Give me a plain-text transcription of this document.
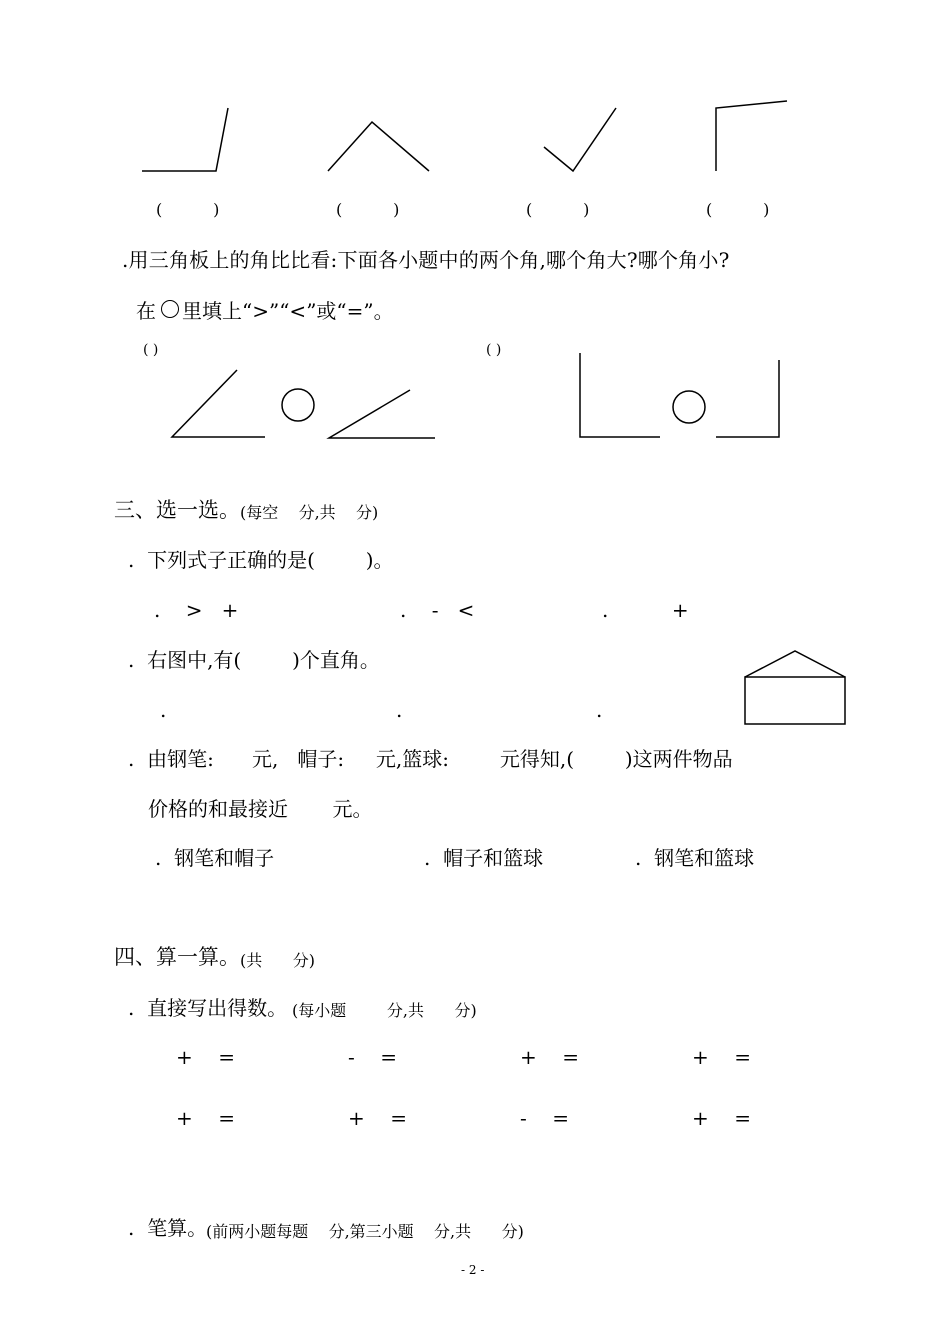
(          )	(          )	(          )	(          )
.用三角板上的角比比看:下面各小题中的两个角,哪个角大?哪个角小?
在 里填上“>”“<”或“=”。
( )	( )
三、选一选。 (每空    分,共    分)
.  下列式子正确的是(        )。
.    >   +	.    -   <	.          +
.  右图中,有(        )个直角。
.	.	.
.  由钢笔:      元,   帽子:     元,篮球:        元得知,(        )这两件物品
价格的和最接近       元。
.  钢笔和帽子	.  帽子和篮球	.  钢笔和篮球
四、算一算。 (共      分)
.  直接写出得数。 (每小题        分,共      分)
+    =	-    =	+    =	+    =
+    =	+    =	-    =	+    =
.  笔算。
(前两小题每题    分,第三小题    分,共      分)
- 2 -
